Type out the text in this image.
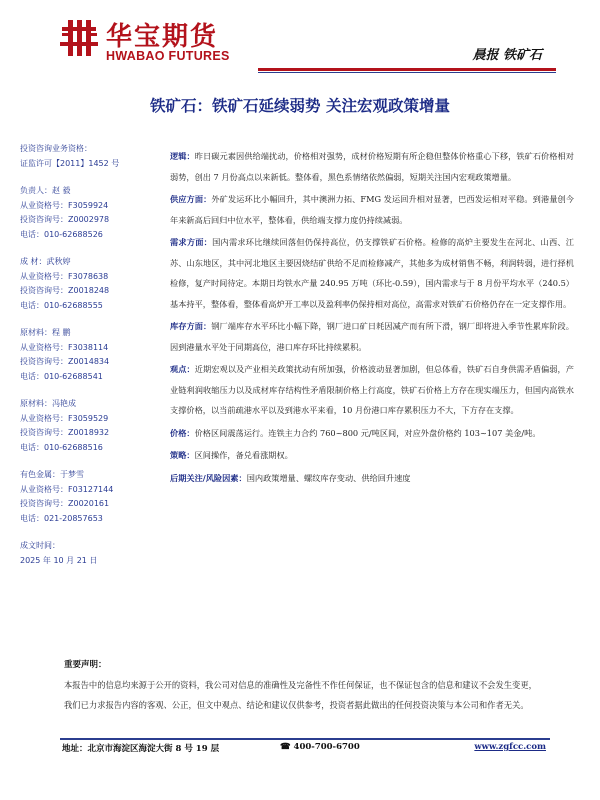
华宝期货
HWABAO FUTURES	晨报 铁矿石
铁矿石：铁矿石延续弱势 关注宏观政策增量
投资咨询业务资格：
证监许可【2011】1452 号
负责人：赵 毅
从业资格号：F3059924
投资咨询号：Z0002978
电话：010-62688526
成 材：武秋婷
从业资格号：F3078638
投资咨询号：Z0018248
电话：010-62688555
原材料：程 鹏
从业资格号：F3038114
投资咨询号：Z0014834
电话：010-62688541
原材料：冯艳成
从业资格号：F3059529
投资咨询号：Z0018932
电话：010-62688516
有色金属：于梦雪
从业资格号：F03127144
投资咨询号：Z0020161
电话：021-20857653
成文时间：
2025 年 10 月 21 日

逻辑：昨日碳元素因供给端扰动，价格相对强势，成材价格短期有所企稳但整体价格重心下移，铁矿石价格相对弱势，创出 7 月份高点以来新低。整体看，黑色系情绪依然偏弱，短期关注国内宏观政策增量。

供应方面：外矿发运环比小幅回升，其中澳洲力拓、FMG 发运回升相对显著，巴西发运相对平稳。到港量创今年来新高后回归中位水平，整体看，供给端支撑力度仍持续减弱。

需求方面：国内需求环比继续回落但仍保持高位，仍支撑铁矿石价格。检修的高炉主要发生在河北、山西、江苏、山东地区，其中河北地区主要因烧结矿供给不足而检修减产，其他多为成材销售不畅，利润转弱，进行择机检修，复产时间待定。本期日均铁水产量 240.95 万吨（环比-0.59），国内需求与于 8 月份平均水平（240.5）基本持平，整体看，整体看高炉开工率以及盈利率仍保持相对高位，高需求对铁矿石价格仍存在一定支撑作用。

库存方面：钢厂端库存水平环比小幅下降，钢厂进口矿日耗因减产而有所下滑，钢厂即将进入季节性累库阶段。因到港量水平处于同期高位，港口库存环比持续累积。

观点：近期宏观以及产业相关政策扰动有所加强，价格波动显著加剧，但总体看，铁矿石自身供需矛盾偏弱，产业链利润收缩压力以及成材库存结构性矛盾限制价格上行高度，铁矿石价格上方存在现实端压力，但国内高铁水支撑价格，以当前疏港水平以及到港水平来看，10 月份港口库存累积压力不大，下方存在支撑。

价格：价格区间震荡运行。连铁主力合约 760~800 元/吨区间，对应外盘价格约 103~107 美金/吨。

策略：区间操作，备兑看涨期权。

后期关注/风险因素：国内政策增量、螺纹库存变动、供给回升速度

重要声明：
本报告中的信息均来源于公开的资料，我公司对信息的准确性及完备性不作任何保证，也不保证包含的信息和建议不会发生变更，我们已力求报告内容的客观、公正，但文中观点、结论和建议仅供参考，投资者据此做出的任何投资决策与本公司和作者无关。
地址：北京市海淀区海淀大街 8 号 19 层	☎ 400-700-6700	www.zgfcc.com
